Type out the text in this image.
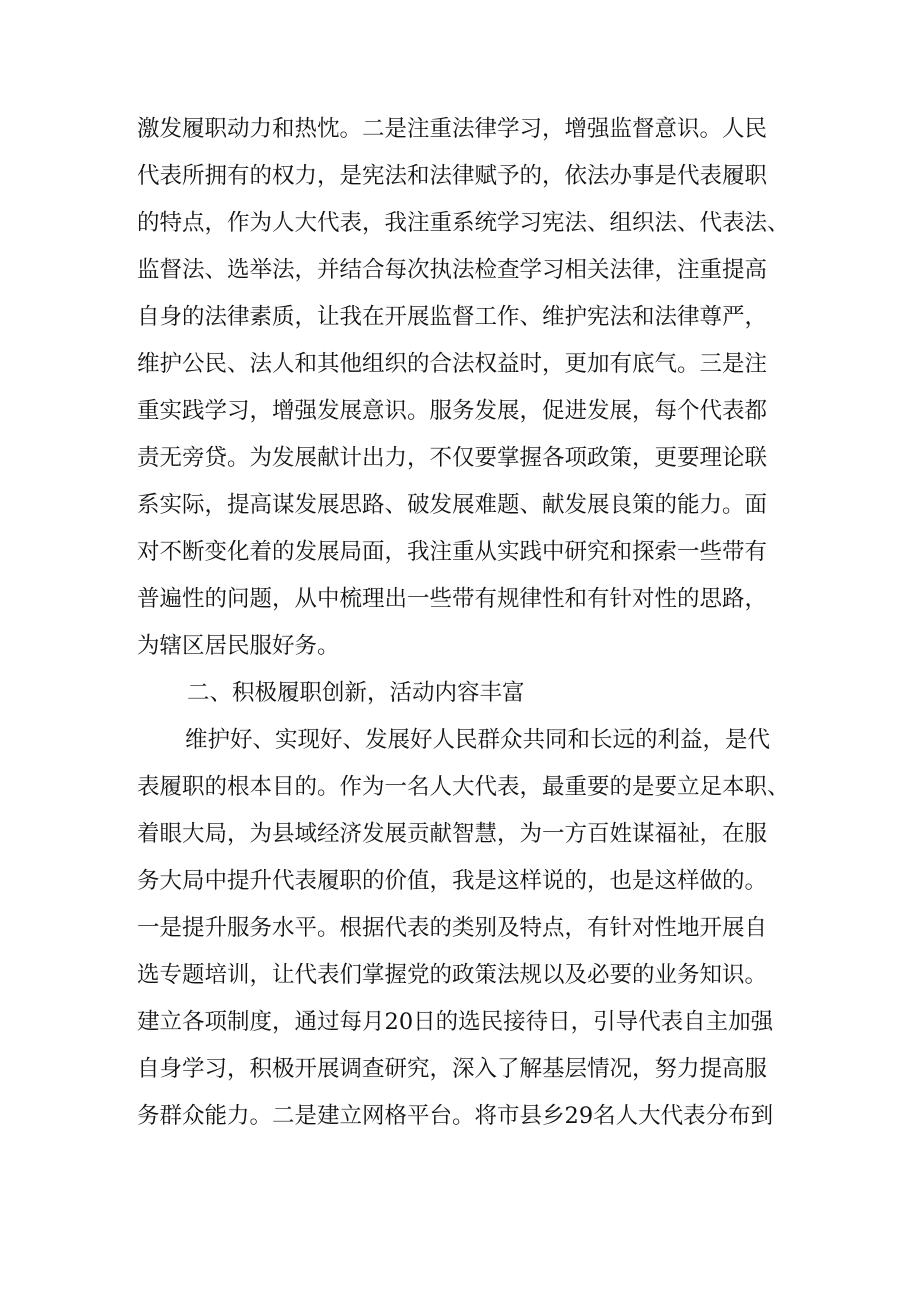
激发履职动力和热忱。二是注重法律学习，增强监督意识。人民
代表所拥有的权力，是宪法和法律赋予的，依法办事是代表履职
的特点，作为人大代表，我注重系统学习宪法、组织法、代表法、
监督法、选举法，并结合每次执法检查学习相关法律，注重提高
自身的法律素质，让我在开展监督工作、维护宪法和法律尊严，
维护公民、法人和其他组织的合法权益时，更加有底气。三是注
重实践学习，增强发展意识。服务发展，促进发展，每个代表都
责无旁贷。为发展献计出力，不仅要掌握各项政策，更要理论联
系实际，提高谋发展思路、破发展难题、献发展良策的能力。面
对不断变化着的发展局面，我注重从实践中研究和探索一些带有
普遍性的问题，从中梳理出一些带有规律性和有针对性的思路，
为辖区居民服好务。
二、积极履职创新，活动内容丰富
维护好、实现好、发展好人民群众共同和长远的利益，是代
表履职的根本目的。作为一名人大代表，最重要的是要立足本职、
着眼大局，为县域经济发展贡献智慧，为一方百姓谋福祉，在服
务大局中提升代表履职的价值，我是这样说的，也是这样做的。
一是提升服务水平。根据代表的类别及特点，有针对性地开展自
选专题培训，让代表们掌握党的政策法规以及必要的业务知识。
建立各项制度，通过每月20日的选民接待日，引导代表自主加强
自身学习，积极开展调查研究，深入了解基层情况，努力提高服
务群众能力。二是建立网格平台。将市县乡29名人大代表分布到
